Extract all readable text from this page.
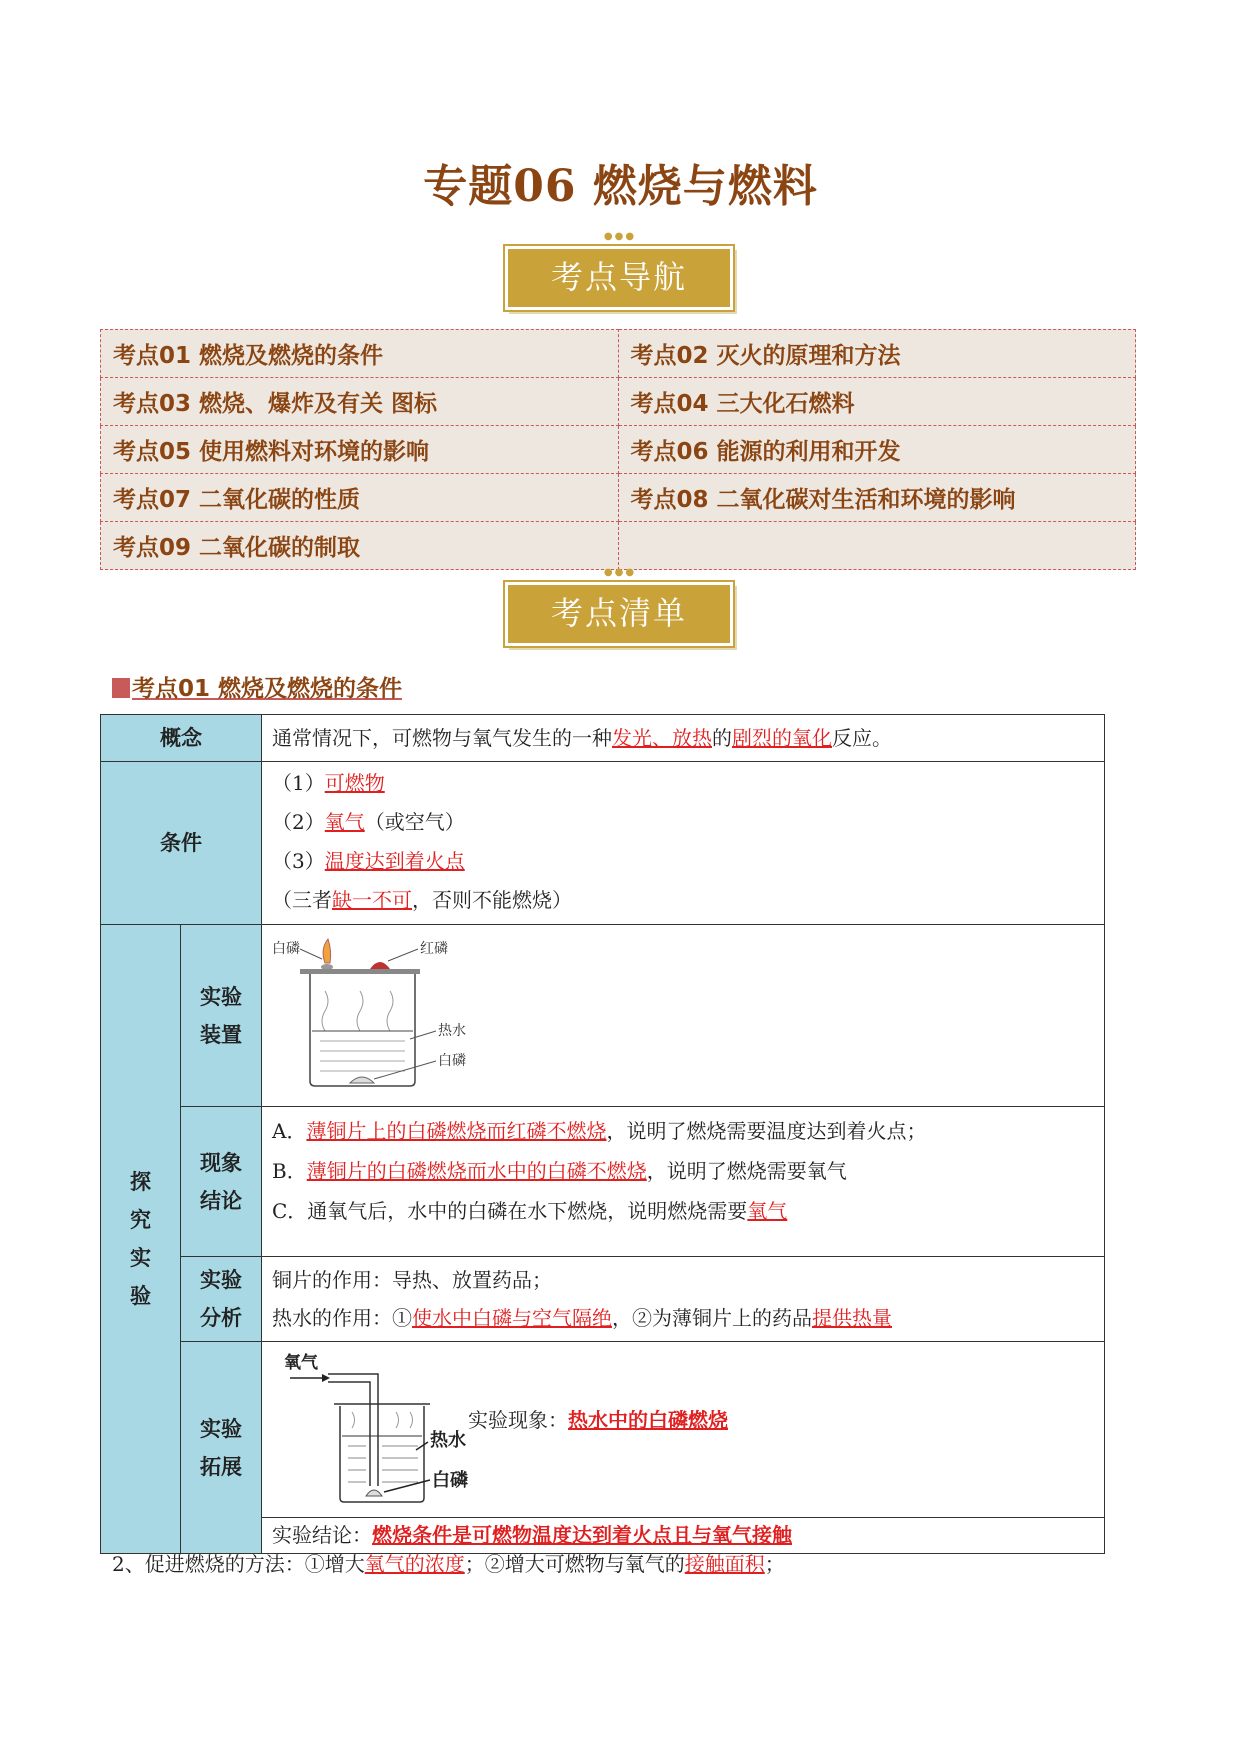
专题06 燃烧与燃料
●●●
考点导航
考点01 燃烧及燃烧的条件	考点02 灭火的原理和方法
考点03 燃烧、爆炸及有关 图标	考点04 三大化石燃料
考点05 使用燃料对环境的影响	考点06 能源的利用和开发
考点07 二氧化碳的性质	考点08 二氧化碳对生活和环境的影响
考点09 二氧化碳的制取	
●●●
考点清单
考点01 燃烧及燃烧的条件
概念		通常情况下，可燃物与氧气发生的一种发光、放热的剧烈的氧化反应。
条件		（1）可燃物
（2）氧气（或空气）
（3）温度达到着火点
（三者缺一不可，否则不能燃烧）

探究实验	实验装置	白磷 红磷
热水
白磷

	现象结论	A．薄铜片上的白磷燃烧而红磷不燃烧，说明了燃烧需要温度达到着火点；
B．薄铜片的白磷燃烧而水中的白磷不燃烧，说明了燃烧需要氧气
C．通氧气后，水中的白磷在水下燃烧，说明燃烧需要氧气

	实验分析	铜片的作用：导热、放置药品；
热水的作用：①使水中白磷与空气隔绝，②为薄铜片上的药品提供热量

	实验拓展	氧气
热水
白磷
实验现象：热水中的白磷燃烧

		实验结论：燃烧条件是可燃物温度达到着火点且与氧气接触
2、促进燃烧的方法：①增大氧气的浓度；②增大可燃物与氧气的接触面积；
